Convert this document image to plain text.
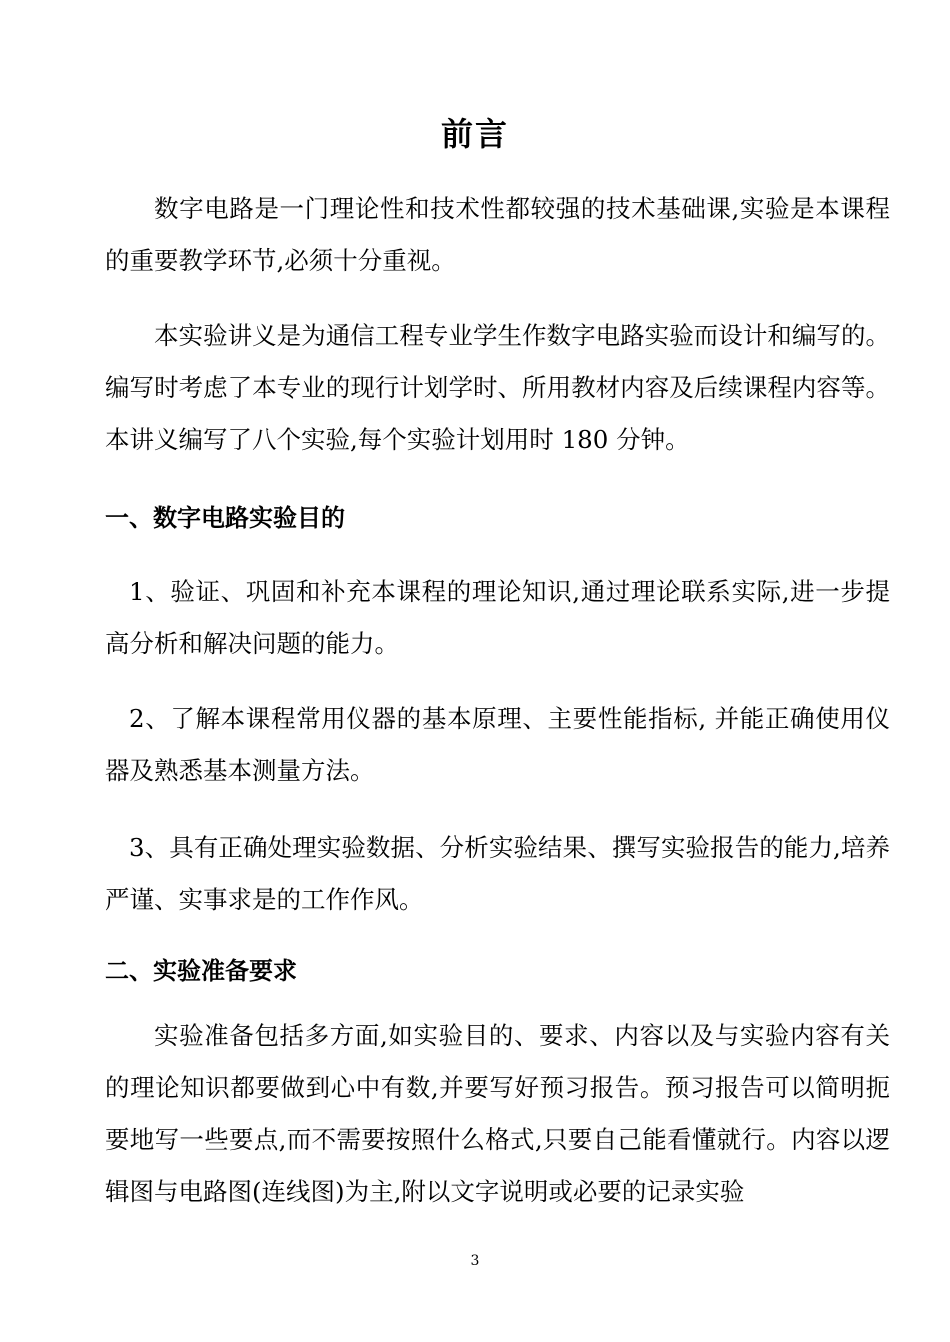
前言

数字电路是一门理论性和技术性都较强的技术基础课,实验是本课程的重要教学环节,必须十分重视。

本实验讲义是为通信工程专业学生作数字电路实验而设计和编写的。编写时考虑了本专业的现行计划学时、所用教材内容及后续课程内容等。本讲义编写了八个实验,每个实验计划用时 180 分钟。

一、数字电路实验目的

1、验证、巩固和补充本课程的理论知识,通过理论联系实际,进一步提高分析和解决问题的能力。

2、了解本课程常用仪器的基本原理、主要性能指标, 并能正确使用仪器及熟悉基本测量方法。

3、具有正确处理实验数据、分析实验结果、撰写实验报告的能力,培养严谨、实事求是的工作作风。

二、实验准备要求

实验准备包括多方面,如实验目的、要求、内容以及与实验内容有关的理论知识都要做到心中有数,并要写好预习报告。预习报告可以简明扼要地写一些要点,而不需要按照什么格式,只要自己能看懂就行。内容以逻辑图与电路图(连线图)为主,附以文字说明或必要的记录实验

3
